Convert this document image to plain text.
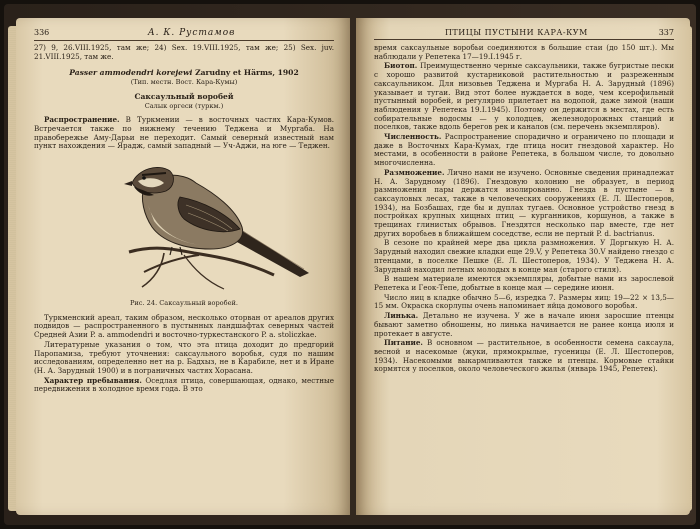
336	А. К. Рустамов

27) 9, 26.VIII.1925, там же; 24) Sex. 19.VIII.1925, там же; 25) Sex. juv. 21.VIII.1925, там же.

Passer ammodendri korejewi Zarudny et Härms, 1902
(Тип. местн. Вост. Кара-Кумы)
Саксаульный воробей
Салык оргеси (туркм.)

Распространение. В Туркмении — в восточных частях Кара-Кумов. Встречается также по нижнему течению Теджена и Мургаба. На правобережье Аму-Дарьи не переходит. Самый северный известный нам пункт нахождения — Ярадж, самый западный — Уч-Аджи, на юге — Теджен.

Рис. 24. Саксаульный воробей.

Туркменский ареал, таким образом, несколько оторван от ареалов других подвидов — распространенного в пустынных ландшафтах северных частей Средней Азии P. a. ammodendri и восточно-туркестанского P. a. stoliczkae.

Литературные указания о том, что эта птица доходит до предгорий Паропамиза, требуют уточнения: саксаульного воробья, судя по нашим исследованиям, определенно нет на р. Бадхыз, не в Карабиле, нет и в Иране (Н. А. Зарудный 1900) и в пограничных частях Хорасана.

Характер пребывания. Оседлая птица, совершающая, однако, местные передвижения в холодное время года. В это

ПТИЦЫ ПУСТЫНИ КАРА-КУМ	337

время саксаульные воробьи соединяются в большие стаи (до 150 шт.). Мы наблюдали у Репетека 17—19.I.1945 г.

Биотоп. Преимущественно черные саксаульники, также бугристые пески с хорошо развитой кустарниковой растительностью и разреженным саксаульником. Для низовьев Теджена и Мургаба Н. А. Зарудный (1896) указывает и тугаи. Вид этот более нуждается в воде, чем ксерофильный пустынный воробей, и регулярно прилетает на водопой, даже зимой (наши наблюдения у Репетека 19.I.1945). Поэтому он держится в местах, где есть собирательные водосмы — у колодцев, железнодорожных станций и поселков, также вдоль берегов рек и каналов (см. перечень экземпляров).

Численность. Распространение спорадично и ограничено по площади и даже в Восточных Кара-Кумах, где птица носит гнездовой характер. Но местами, в особенности в районе Репетека, в большом числе, то довольно многочисленна.

Размножение. Лично нами не изучено. Основные сведения принадлежат Н. А. Зарудному (1896). Гнездовую колонию не образует, в период размножения пары держатся изолированно. Гнезда в пустыне — в саксауловых лесах, также в человеческих сооружениях (Е. Л. Шестоперов, 1934), на Бозбашах, где бы и дуплах тугаев. Основное устройство гнезд в постройках крупных хищных птиц — курганников, коршунов, а также в трещинах глинистых обрывов. Гнездятся несколько пар вместе, где нет других воробьев в ближайшем соседстве, если не пертый P. d. bactrianus.

В сезоне по крайней мере два цикла размножения. У Доргыкую Н. А. Зарудный находил свежие кладки еще 29.V, у Репетека 30.V найдено гнездо с птенцами, в поселке Пешке (Е. Л. Шестоперов, 1934). У Теджена Н. А. Зарудный находил летных молодых в конце мая (старого стиля).

В нашем материале имеются экземпляры, добытые нами из зарослевой Репетека и Геок-Тепе, добытые в конце мая — середине июня.

Число яиц в кладке обычно 5—6, изредка 7. Размеры яиц: 19—22 × 13,5—15 мм. Окраска скорлупы очень напоминает яйца домового воробья.

Линька. Детально не изучена. У же в начале июня заросшие птенцы бывают заметно обношены, но линька начинается не ранее конца июля и протекает в августе.

Питание. В основном — растительное, в особенности семена саксаула, весной и насекомые (жуки, прямокрылые, гусеницы (Е. Л. Шестоперов, 1934). Насекомыми выкармливаются также и птенцы. Кормовые стайки кормятся у поселков, около человеческого жилья (январь 1945, Репетек).
